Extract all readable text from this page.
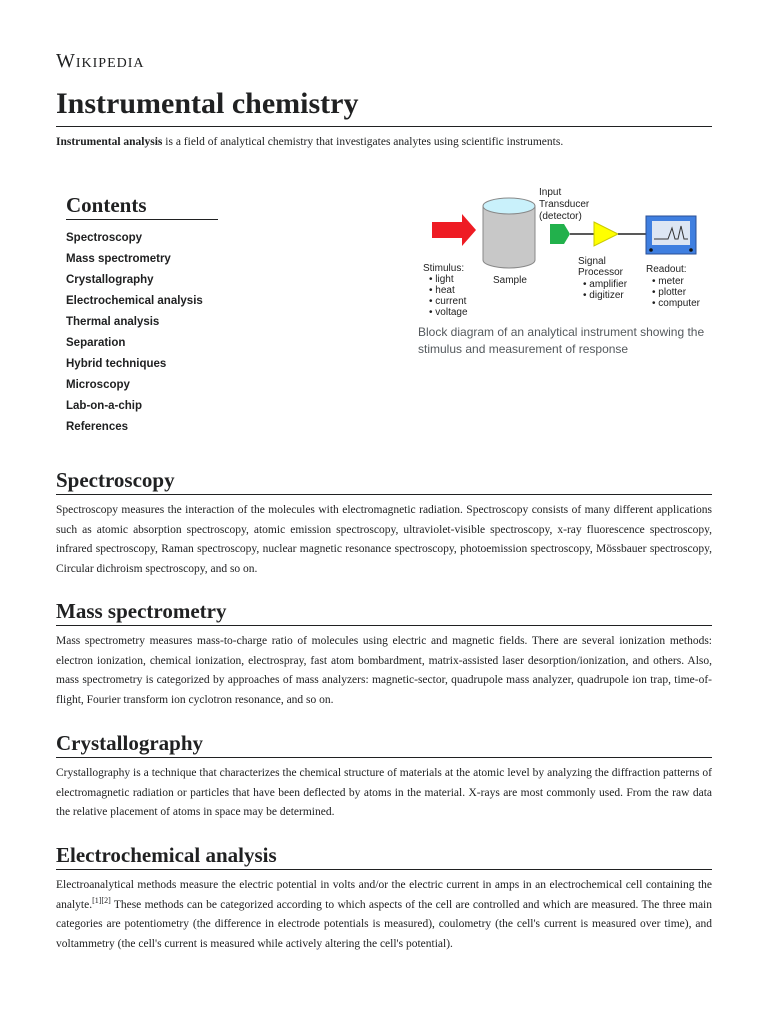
Wikipedia
Instrumental chemistry

Instrumental analysis is a field of analytical chemistry that investigates analytes using scientific instruments.

Contents
Spectroscopy
Mass spectrometry
Crystallography
Electrochemical analysis
Thermal analysis
Separation
Hybrid techniques
Microscopy
Lab-on-a-chip
References
Input
Transducer
(detector)
Stimulus:
• light
• heat
• current
• voltage
Sample
Signal
Processor
• amplifier
• digitizer
Readout:
• meter
• plotter
• computer

Block diagram of an analytical instrument showing the stimulus and measurement of response

Spectroscopy

Spectroscopy measures the interaction of the molecules with electromagnetic radiation. Spectroscopy consists of many different applications such as atomic absorption spectroscopy, atomic emission spectroscopy, ultraviolet-visible spectroscopy, x-ray fluorescence spectroscopy, infrared spectroscopy, Raman spectroscopy, nuclear magnetic resonance spectroscopy, photoemission spectroscopy, Mössbauer spectroscopy, Circular dichroism spectroscopy, and so on.

Mass spectrometry

Mass spectrometry measures mass-to-charge ratio of molecules using electric and magnetic fields. There are several ionization methods: electron ionization, chemical ionization, electrospray, fast atom bombardment, matrix-assisted laser desorption/ionization, and others. Also, mass spectrometry is categorized by approaches of mass analyzers: magnetic-sector, quadrupole mass analyzer, quadrupole ion trap, time-of-flight, Fourier transform ion cyclotron resonance, and so on.

Crystallography

Crystallography is a technique that characterizes the chemical structure of materials at the atomic level by analyzing the diffraction patterns of electromagnetic radiation or particles that have been deflected by atoms in the material. X-rays are most commonly used. From the raw data the relative placement of atoms in space may be determined.

Electrochemical analysis

Electroanalytical methods measure the electric potential in volts and/or the electric current in amps in an electrochemical cell containing the analyte.[1][2] These methods can be categorized according to which aspects of the cell are controlled and which are measured. The three main categories are potentiometry (the difference in electrode potentials is measured), coulometry (the cell's current is measured over time), and voltammetry (the cell's current is measured while actively altering the cell's potential).
